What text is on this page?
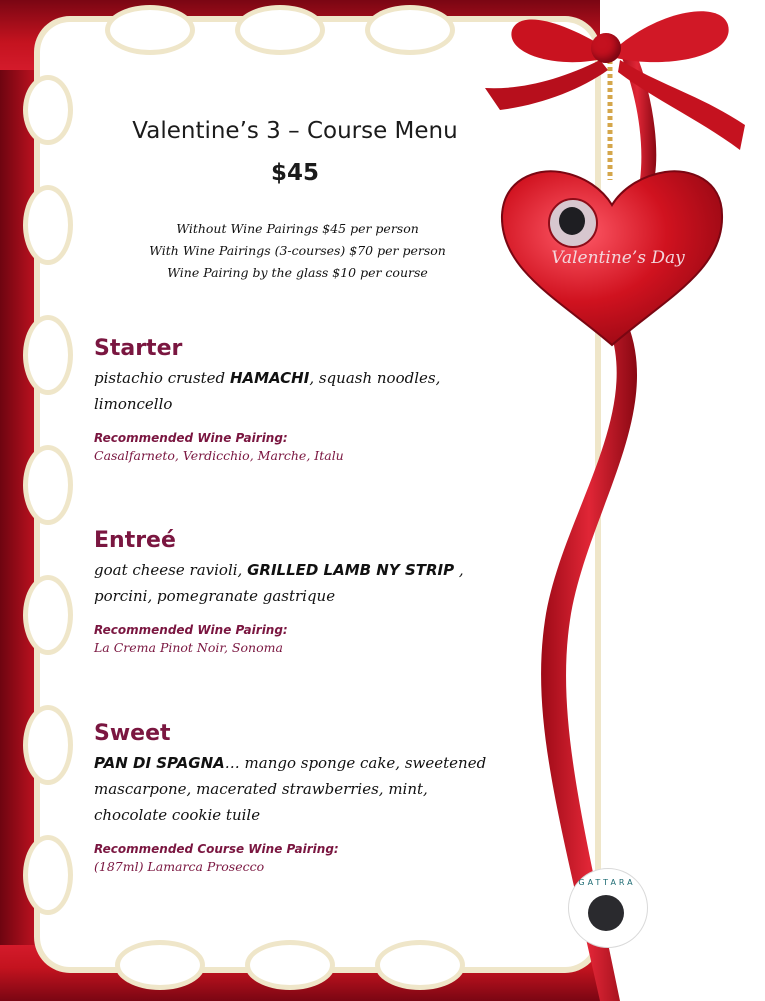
Valentine’s Day
Valentine’s 3 – Course Menu
$45
Without Wine Pairings $45 per person
With Wine Pairings (3-courses) $70 per person
Wine Pairing by the glass $10 per course
Starter

pistachio crusted HAMACHI, squash noodles, limoncello

Recommended Wine Pairing:
Casalfarneto, Verdicchio, Marche, Italu
Entreé

goat cheese ravioli, GRILLED LAMB NY STRIP , porcini, pomegranate gastrique

Recommended Wine Pairing:
La Crema Pinot Noir, Sonoma
Sweet

PAN DI SPAGNA… mango sponge cake, sweetened mascarpone, macerated strawberries, mint, chocolate cookie tuile

Recommended Course Wine Pairing:
(187ml) Lamarca Prosecco
GATTARA
